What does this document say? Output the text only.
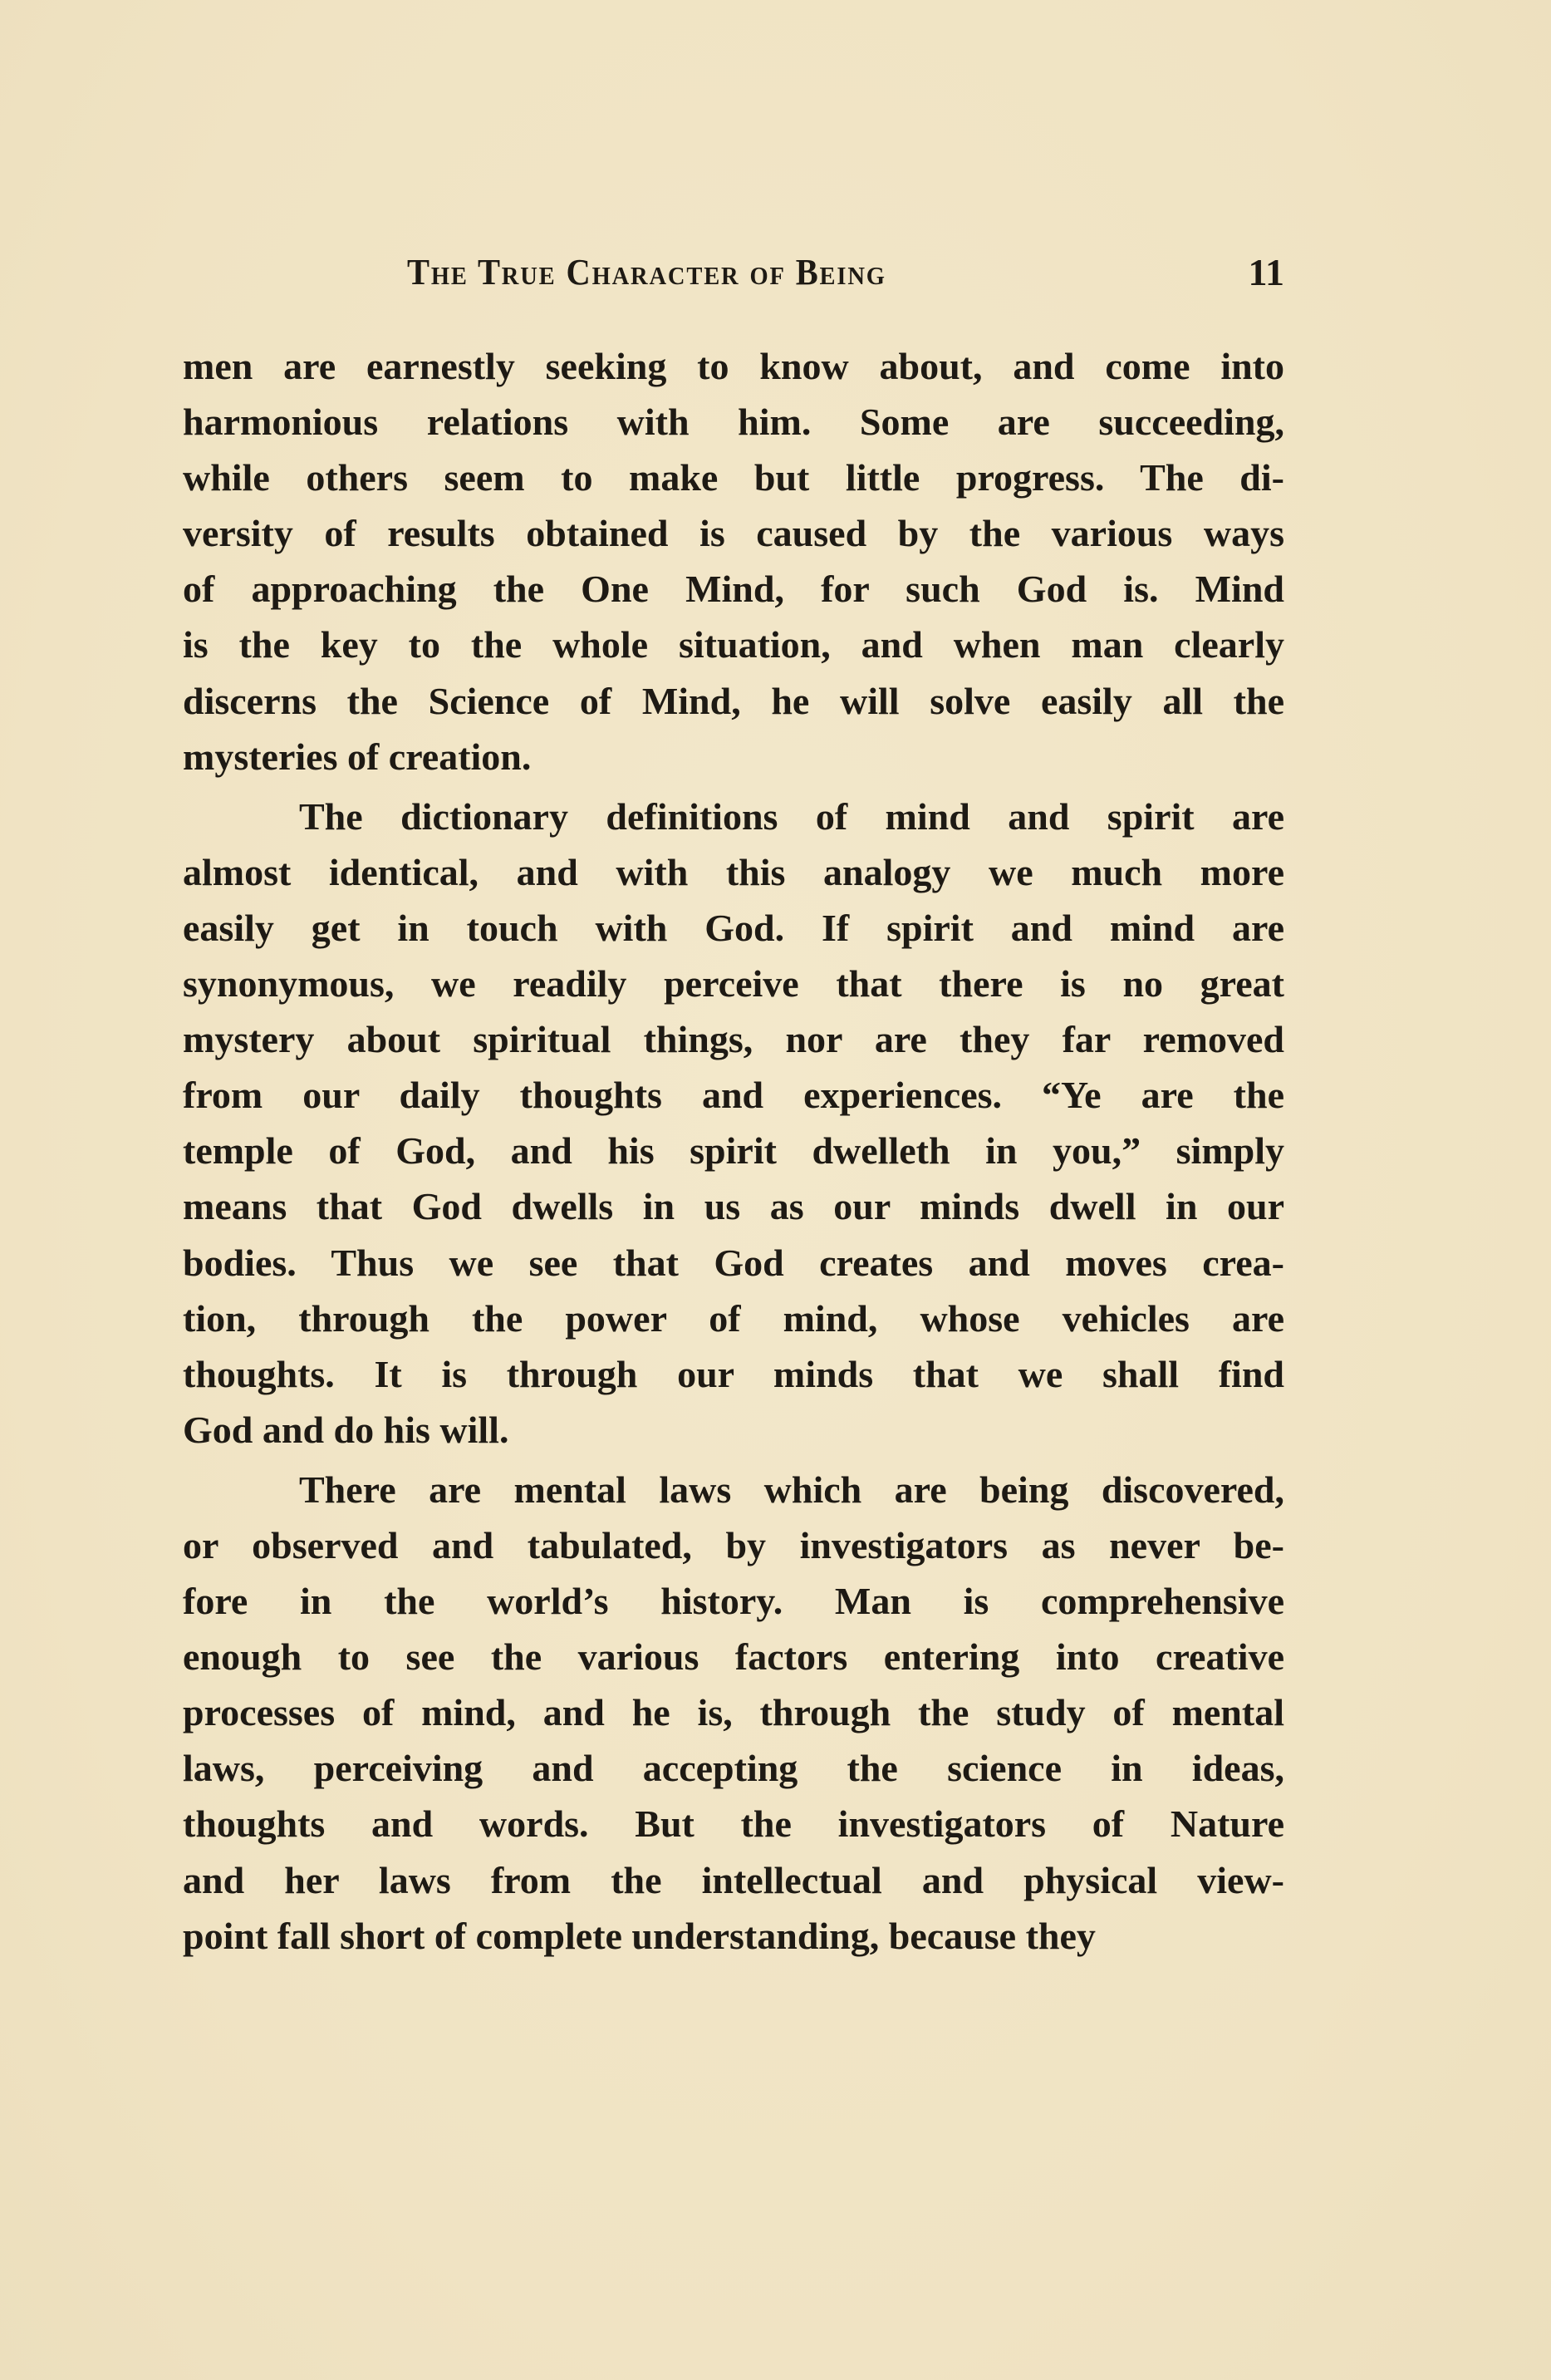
The True Character of Being	11
men are earnestly seeking to know about, and come into
harmonious relations with him. Some are succeeding,
while others seem to make but little progress. The di-
versity of results obtained is caused by the various ways
of approaching the One Mind, for such God is. Mind
is the key to the whole situation, and when man clearly
discerns the Science of Mind, he will solve easily all the
mysteries of creation.
The dictionary definitions of mind and spirit are
almost identical, and with this analogy we much more
easily get in touch with God. If spirit and mind are
synonymous, we readily perceive that there is no great
mystery about spiritual things, nor are they far removed
from our daily thoughts and experiences. “Ye are the
temple of God, and his spirit dwelleth in you,” simply
means that God dwells in us as our minds dwell in our
bodies. Thus we see that God creates and moves crea-
tion, through the power of mind, whose vehicles are
thoughts. It is through our minds that we shall find
God and do his will.
There are mental laws which are being discovered,
or observed and tabulated, by investigators as never be-
fore in the world’s history. Man is comprehensive
enough to see the various factors entering into creative
processes of mind, and he is, through the study of mental
laws, perceiving and accepting the science in ideas,
thoughts and words. But the investigators of Nature
and her laws from the intellectual and physical view-
point fall short of complete understanding, because they
